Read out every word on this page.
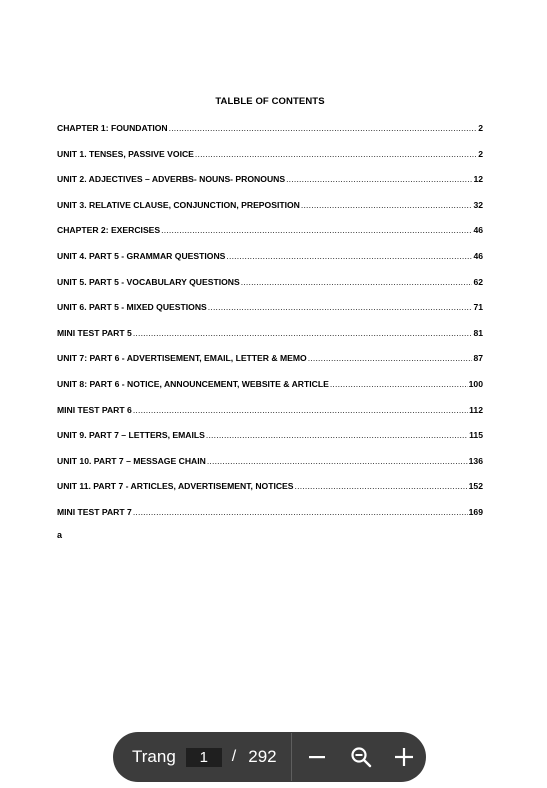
TALBLE OF CONTENTS
CHAPTER 1: FOUNDATION .....	2
UNIT 1. TENSES, PASSIVE VOICE .....	2
UNIT 2. ADJECTIVES – ADVERBS- NOUNS- PRONOUNS .....	12
UNIT 3. RELATIVE CLAUSE, CONJUNCTION, PREPOSITION .....	32
CHAPTER 2: EXERCISES .....	46
UNIT 4. PART 5 - GRAMMAR QUESTIONS .....	46
UNIT 5. PART 5 - VOCABULARY QUESTIONS .....	62
UNIT 6. PART 5 - MIXED QUESTIONS .....	71
MINI TEST PART 5 .....	81
UNIT 7: PART 6 - ADVERTISEMENT, EMAIL, LETTER & MEMO .....	87
UNIT 8: PART 6 - NOTICE, ANNOUNCEMENT, WEBSITE & ARTICLE .....	100
MINI TEST PART 6 .....	112
UNIT 9. PART 7 – LETTERS, EMAILS .....	115
UNIT 10. PART 7 – MESSAGE CHAIN .....	136
UNIT 11. PART 7 - ARTICLES, ADVERTISEMENT, NOTICES .....	152
MINI TEST PART 7 .....	169
a
Trang
1	/ 292
